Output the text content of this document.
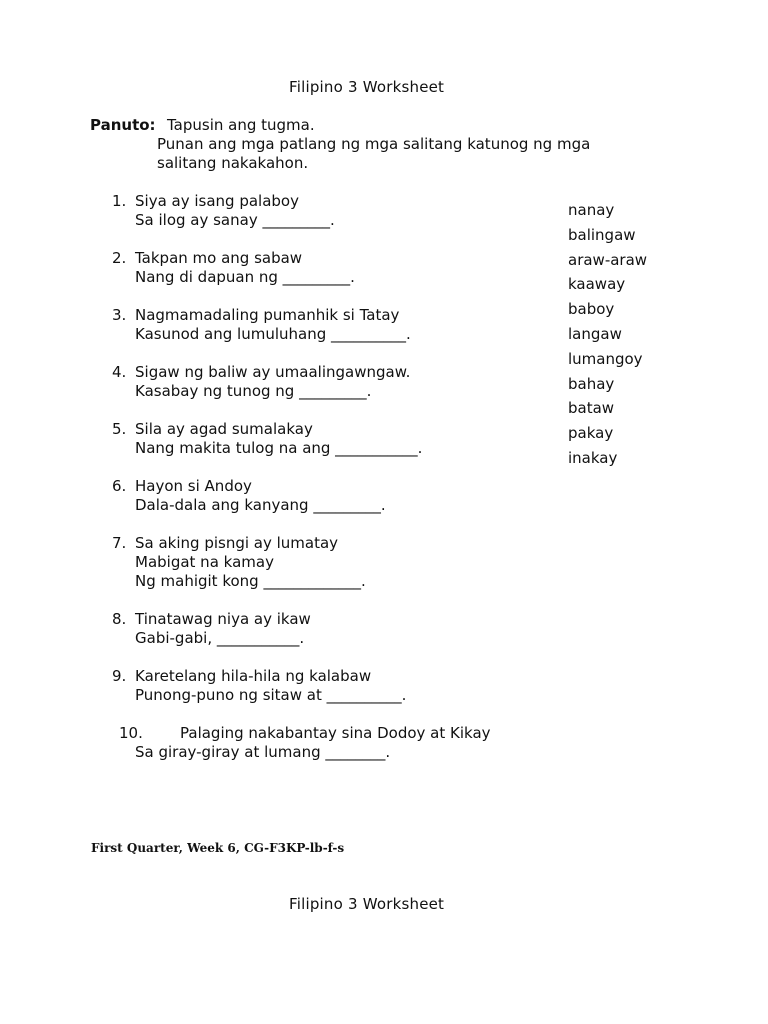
Filipino 3 Worksheet
Panuto: Tapusin ang tugma.
Punan ang mga patlang ng mga salitang katunog ng mga
salitang nakakahon.
1. Siya ay isang palaboy
Sa ilog ay sanay _________.
2. Takpan mo ang sabaw
Nang di dapuan ng _________.
3. Nagmamadaling pumanhik si Tatay
Kasunod ang lumuluhang __________.
4. Sigaw ng baliw ay umaalingawngaw.
Kasabay ng tunog ng _________.
5. Sila ay agad sumalakay
Nang makita tulog na ang ___________.
6. Hayon si Andoy
Dala-dala ang kanyang _________.
7. Sa aking pisngi ay lumatay
Mabigat na kamay
Ng mahigit kong _____________.
8. Tinatawag niya ay ikaw
Gabi-gabi, ___________.
9. Karetelang hila-hila ng kalabaw
Punong-puno ng sitaw at __________.
10. Palaging nakabantay sina Dodoy at Kikay
Sa giray-giray at lumang ________.
nanay
balingaw
araw-araw
kaaway
baboy
langaw
lumangoy
bahay
bataw
pakay
inakay
First Quarter, Week 6, CG-F3KP-lb-f-s
Filipino 3 Worksheet
